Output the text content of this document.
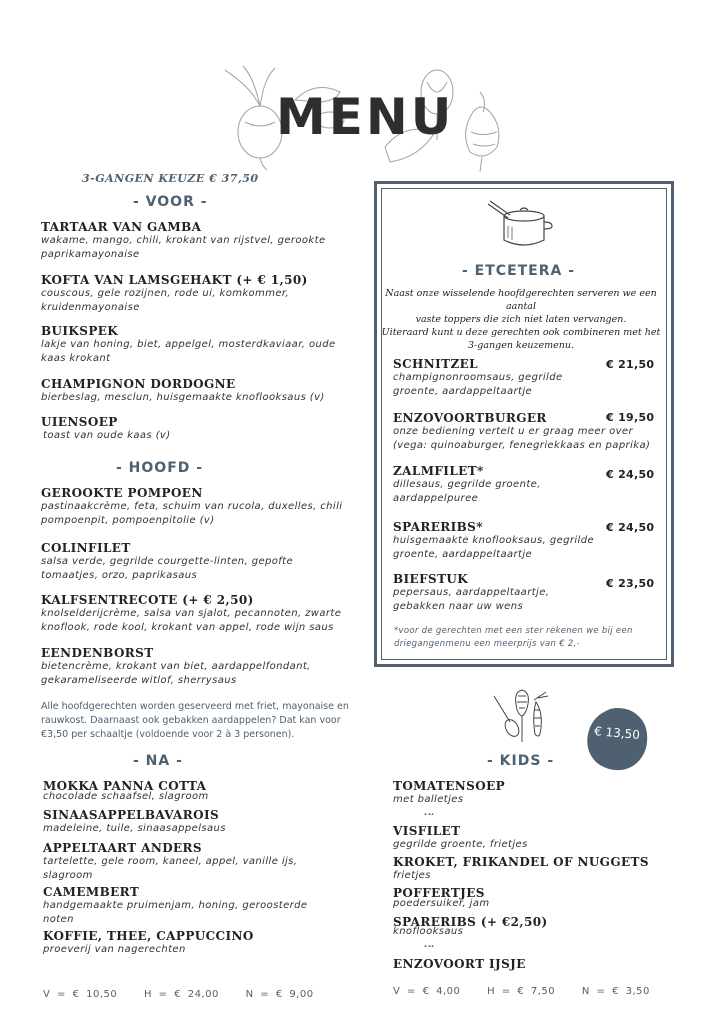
MENU
3-GANGEN KEUZE € 37,50
- VOOR -
TARTAAR VAN GAMBA
wakame, mango, chili, krokant van rijstvel, gerookte
paprikamayonaise
KOFTA VAN LAMSGEHAKT (+ € 1,50)
couscous, gele rozijnen, rode ui, komkommer,
kruidenmayonaise
BUIKSPEK
lakje van honing, biet, appelgel, mosterdkaviaar, oude
kaas krokant
CHAMPIGNON DORDOGNE
bierbeslag, mesclun, huisgemaakte knoflooksaus (v)
UIENSOEP
toast van oude kaas (v)
- HOOFD -
GEROOKTE POMPOEN
pastinaakcrème, feta, schuim van rucola, duxelles, chili
pompoenpit, pompoenpitolie (v)
COLINFILET
salsa verde, gegrilde courgette-linten, gepofte
tomaatjes, orzo, paprikasaus
KALFSENTRECOTE (+ € 2,50)
knolselderijcrème, salsa van sjalot, pecannoten, zwarte
knoflook, rode kool, krokant van appel, rode wijn saus
EENDENBORST
bietencrème, krokant van biet, aardappelfondant,
gekarameliseerde witlof, sherrysaus
Alle hoofdgerechten worden geserveerd met friet, mayonaise en
rauwkost. Daarnaast ook gebakken aardappelen? Dat kan voor
€3,50 per schaaltje (voldoende voor 2 à 3 personen).
- NA -
MOKKA PANNA COTTA
chocolade schaafsel, slagroom
SINAASAPPELBAVAROIS
madeleine, tuile, sinaasappelsaus
APPELTAART ANDERS
tartelette, gele room, kaneel, appel, vanille ijs,
slagroom
CAMEMBERT
handgemaakte pruimenjam, honing, geroosterde
noten
KOFFIE, THEE, CAPPUCCINO
proeverij van nagerechten
V = € 10,50    H = € 24,00    N = € 9,00
- ETCETERA -
Naast onze wisselende hoofdgerechten serveren we een aantal
vaste toppers die zich niet laten vervangen.
Uiteraard kunt u deze gerechten ook combineren met het
3-gangen keuzemenu.
SCHNITZEL
champignonroomsaus, gegrilde
groente, aardappeltaartje
€ 21,50
ENZOVOORTBURGER
onze bediening vertelt u er graag meer over
(vega: quinoaburger, fenegriekkaas en paprika)
€ 19,50
ZALMFILET*
dillesaus, gegrilde groente,
aardappelpuree
€ 24,50
SPARERIBS*
huisgemaakte knoflooksaus, gegrilde
groente, aardappeltaartje
€ 24,50
BIEFSTUK
pepersaus, aardappeltaartje,
gebakken naar uw wens
€ 23,50
*voor de gerechten met een ster rekenen we bij een
driegangenmenu een meerprijs van € 2,-
€ 13,50
- KIDS -
TOMATENSOEP
met balletjes
․‥
VISFILET
gegrilde groente, frietjes
KROKET, FRIKANDEL OF NUGGETS
frietjes
POFFERTJES
poedersuiker, jam
SPARERIBS (+ €2,50)
knoflooksaus
․‥
ENZOVOORT IJSJE
V = € 4,00    H = € 7,50    N = € 3,50
